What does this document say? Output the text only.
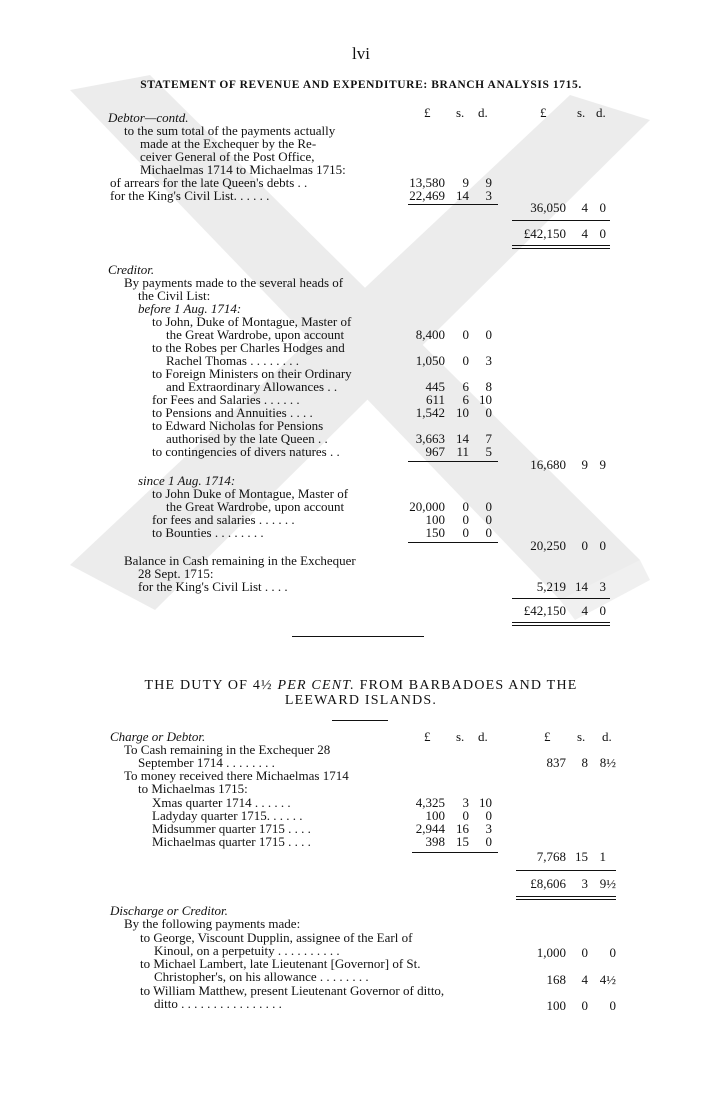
lvi
STATEMENT OF REVENUE AND EXPENDITURE: BRANCH ANALYSIS 1715.
£ s. d.	£ s. d.
Debtor—contd.
to the sum total of the payments actually
made at the Exchequer by the Re-
ceiver General of the Post Office,
Michaelmas 1714 to Michaelmas 1715:
of arrears for the late Queen's debts . .	13,580	9	9
for the King's Civil List. . . . . .	22,469 14	3
36,050	4 0
£42,150	4 0
Creditor.
By payments made to the several heads of
the Civil List:
before 1 Aug. 1714:
to John, Duke of Montague, Master of
the Great Wardrobe, upon account	8,400	0	0
to the Robes per Charles Hodges and
Rachel Thomas . . . . . . . .	1,050	0	3
to Foreign Ministers on their Ordinary
and Extraordinary Allowances . .	445	6	8
for Fees and Salaries . . . . . .	611	6 10
to Pensions and Annuities . . . .	1,542 10	0
to Edward Nicholas for Pensions
authorised by the late Queen . .	3,663 14	7
to contingencies of divers natures . .	967 11	5
16,680	9 9
since 1 Aug. 1714:
to John Duke of Montague, Master of
the Great Wardrobe, upon account	20,000	0	0
for fees and salaries . . . . . .	100	0	0
to Bounties . . . . . . . .	150	0	0
20,250	0 0
Balance in Cash remaining in the Exchequer
28 Sept. 1715:
for the King's Civil List . . . .	5,219 14 3
£42,150	4 0
THE DUTY OF 4½ PER CENT. FROM BARBADOES AND THE
LEEWARD ISLANDS.
£ s. d.	£ s. d.
Charge or Debtor.
To Cash remaining in the Exchequer 28
September 1714 . . . . . . . .	837	8 8½
To money received there Michaelmas 1714
to Michaelmas 1715:
Xmas quarter 1714 . . . . . .	4,325	3 10
Ladyday quarter 1715. . . . . .	100	0	0
Midsummer quarter 1715 . . . .	2,944 16	3
Michaelmas quarter 1715 . . . .	398 15	0
7,768 15 1
£8,606	3 9½
Discharge or Creditor.
By the following payments made:
to George, Viscount Dupplin, assignee of the Earl of
Kinoul, on a perpetuity . . . . . . . . . .	1,000	0	0
to Michael Lambert, late Lieutenant [Governor] of St.
Christopher's, on his allowance . . . . . . . .	168	4 4½
to William Matthew, present Lieutenant Governor of ditto,
ditto . . . . . . . . . . . . . . . .	100	0	0
